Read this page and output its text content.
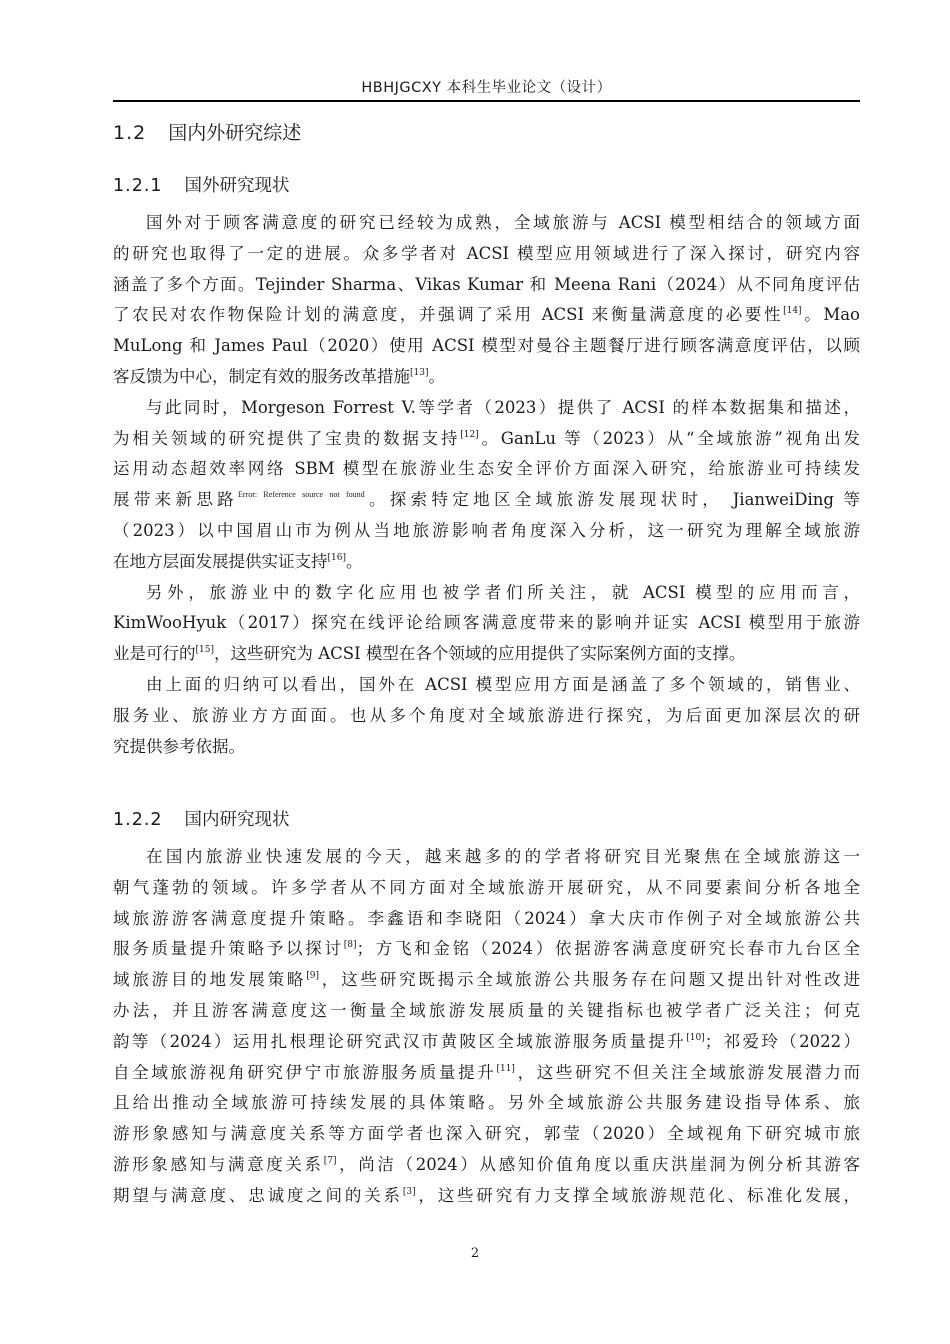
HBHJGCXY 本科生毕业论文（设计）
1.2 国内外研究综述
1.2.1 国外研究现状
国外对于顾客满意度的研究已经较为成熟，全域旅游与 ACSI 模型相结合的领域方面
的研究也取得了一定的进展。众多学者对 ACSI 模型应用领域进行了深入探讨，研究内容
涵盖了多个方面。Tejinder Sharma、Vikas Kumar 和 Meena Rani（2024）从不同角度评估
了农民对农作物保险计划的满意度，并强调了采用 ACSI 来衡量满意度的必要性[14]。Mao
MuLong 和 James Paul（2020）使用 ACSI 模型对曼谷主题餐厅进行顾客满意度评估，以顾
客反馈为中心，制定有效的服务改革措施[13]。
与此同时，Morgeson Forrest V.等学者（2023）提供了 ACSI 的样本数据集和描述，
为相关领域的研究提供了宝贵的数据支持[12]。GanLu 等（2023）从“全域旅游”视角出发
运用动态超效率网络 SBM 模型在旅游业生态安全评价方面深入研究，给旅游业可持续发
展带来新思路$^{Error: Reference source not found}$。探索特定地区全域旅游发展现状时， JianweiDing 等
（2023）以中国眉山市为例从当地旅游影响者角度深入分析，这一研究为理解全域旅游
在地方层面发展提供实证支持[16]。
另外，旅游业中的数字化应用也被学者们所关注，就 ACSI 模型的应用而言，
KimWooHyuk（2017）探究在线评论给顾客满意度带来的影响并证实 ACSI 模型用于旅游
业是可行的[15]，这些研究为 ACSI 模型在各个领域的应用提供了实际案例方面的支撑。
由上面的归纳可以看出，国外在 ACSI 模型应用方面是涵盖了多个领域的，销售业、
服务业、旅游业方方面面。也从多个角度对全域旅游进行探究，为后面更加深层次的研
究提供参考依据。
1.2.2 国内研究现状
在国内旅游业快速发展的今天，越来越多的的学者将研究目光聚焦在全域旅游这一
朝气蓬勃的领域。许多学者从不同方面对全域旅游开展研究，从不同要素间分析各地全
域旅游游客满意度提升策略。李鑫语和李晓阳（2024）拿大庆市作例子对全域旅游公共
服务质量提升策略予以探讨[8]；方飞和金铭（2024）依据游客满意度研究长春市九台区全
域旅游目的地发展策略[9]，这些研究既揭示全域旅游公共服务存在问题又提出针对性改进
办法，并且游客满意度这一衡量全域旅游发展质量的关键指标也被学者广泛关注；何克
韵等（2024）运用扎根理论研究武汉市黄陂区全域旅游服务质量提升[10]；祁爱玲（2022）
自全域旅游视角研究伊宁市旅游服务质量提升[11]，这些研究不但关注全域旅游发展潜力而
且给出推动全域旅游可持续发展的具体策略。另外全域旅游公共服务建设指导体系、旅
游形象感知与满意度关系等方面学者也深入研究，郭莹（2020）全域视角下研究城市旅
游形象感知与满意度关系[7]，尚洁（2024）从感知价值角度以重庆洪崖洞为例分析其游客
期望与满意度、忠诚度之间的关系[3]，这些研究有力支撑全域旅游规范化、标准化发展，
2
